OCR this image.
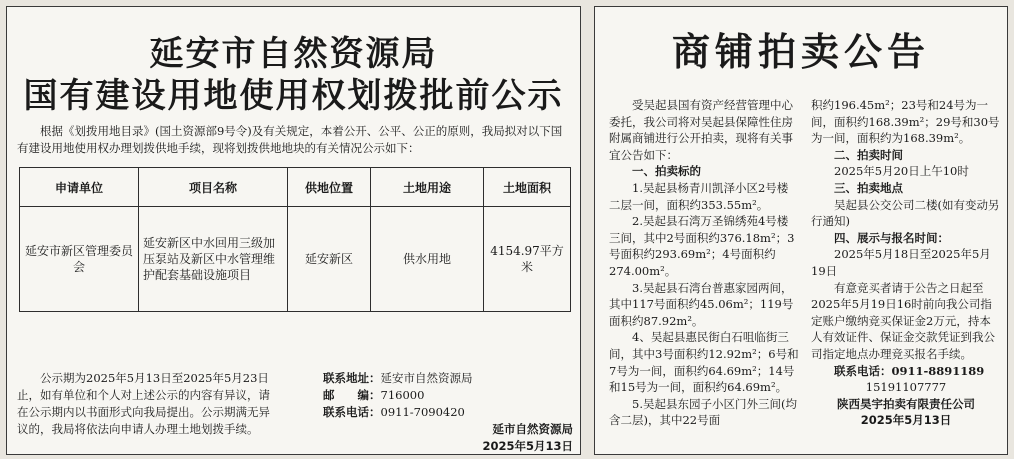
延安市自然资源局
国有建设用地使用权划拨批前公示

根据《划拨用地目录》(国土资源部9号令)及有关规定，本着公开、公平、公正的原则，我局拟对以下国有建设用地使用权办理划拨供地手续，现将划拨供地地块的有关情况公示如下：

申请单位	项目名称	供地位置	土地用途	土地面积
延安市新区管理委员会	延安新区中水回用三级加压泵站及新区中水管理维护配套基础设施项目	延安新区	供水用地	4154.97平方米
公示期为2025年5月13日至2025年5月23日止，如有单位和个人对上述公示的内容有异议，请在公示期内以书面形式向我局提出。公示期满无异议的，我局将依法向申请人办理土地划拨手续。
联系地址：延安市自然资源局
邮　　编：716000
联系电话：0911-7090420
延市自然资源局
2025年5月13日
商铺拍卖公告

受吴起县国有资产经营管理中心委托，我公司将对吴起县保障性住房附属商铺进行公开拍卖，现将有关事宜公告如下：

一、拍卖标的

1.吴起县杨青川凯泽小区2号楼二层一间，面积约353.55m²。

2.吴起县石湾万圣锦绣苑4号楼三间，其中2号面积约376.18m²；3号面积约293.69m²；4号面积约274.00m²。

3.吴起县石湾台普惠家园两间，其中117号面积约45.06m²；119号面积约87.92m²。

4、吴起县惠民街白石咀临街三间，其中3号面积约12.92m²；6号和7号为一间，面积约64.69m²；14号和15号为一间，面积约64.69m²。

5.吴起县东园子小区门外三间(均含二层)，其中22号面

积约196.45m²；23号和24号为一间，面积约168.39m²；29号和30号为一间，面积约为168.39m²。

二、拍卖时间

2025年5月20日上午10时

三、拍卖地点

吴起县公交公司二楼(如有变动另行通知)

四、展示与报名时间：

2025年5月18日至2025年5月19日

有意竞买者请于公告之日起至2025年5月19日16时前向我公司指定账户缴纳竞买保证金2万元，持本人有效证件、保证金交款凭证到我公司指定地点办理竞买报名手续。

联系电话：0911-8891189

15191107777

陕西昊宇拍卖有限责任公司

2025年5月13日
